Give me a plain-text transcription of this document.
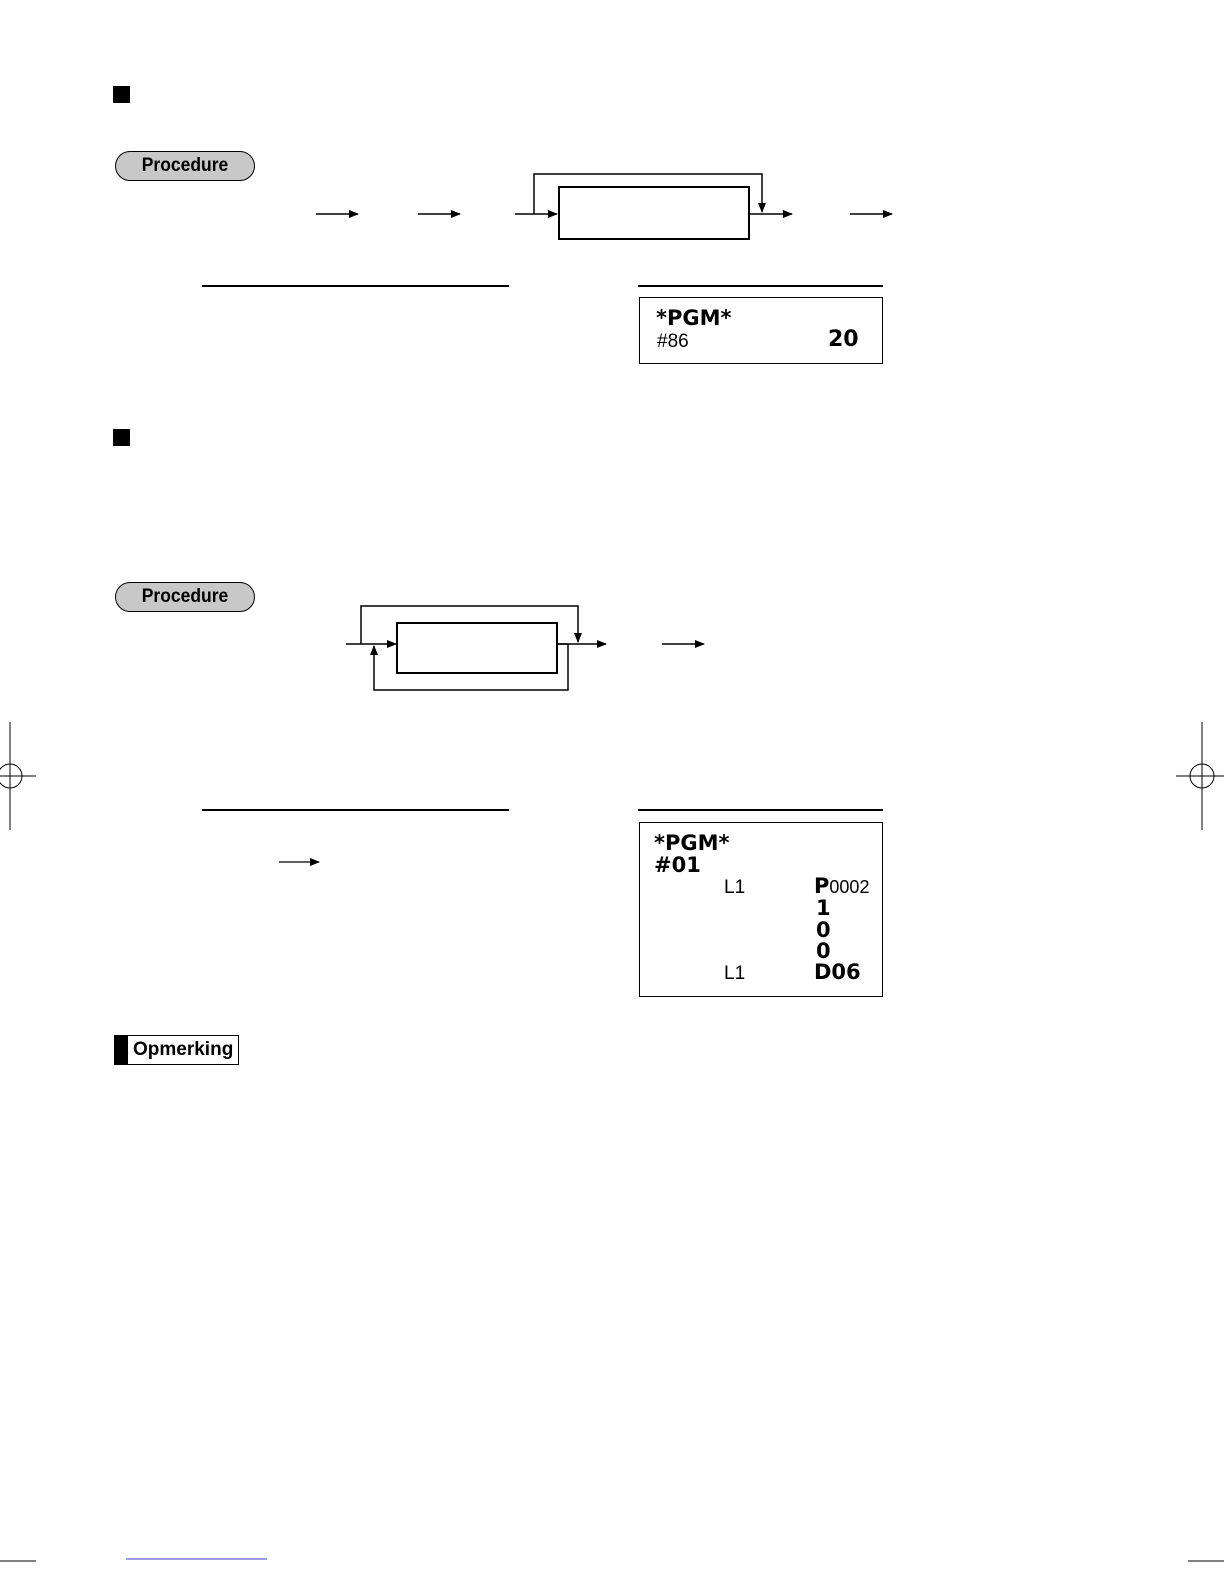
Procedure
*PGM*
#86	20
Procedure
*PGM*
#01
L1	P0002
1
0
0
L1	D06
Opmerking
